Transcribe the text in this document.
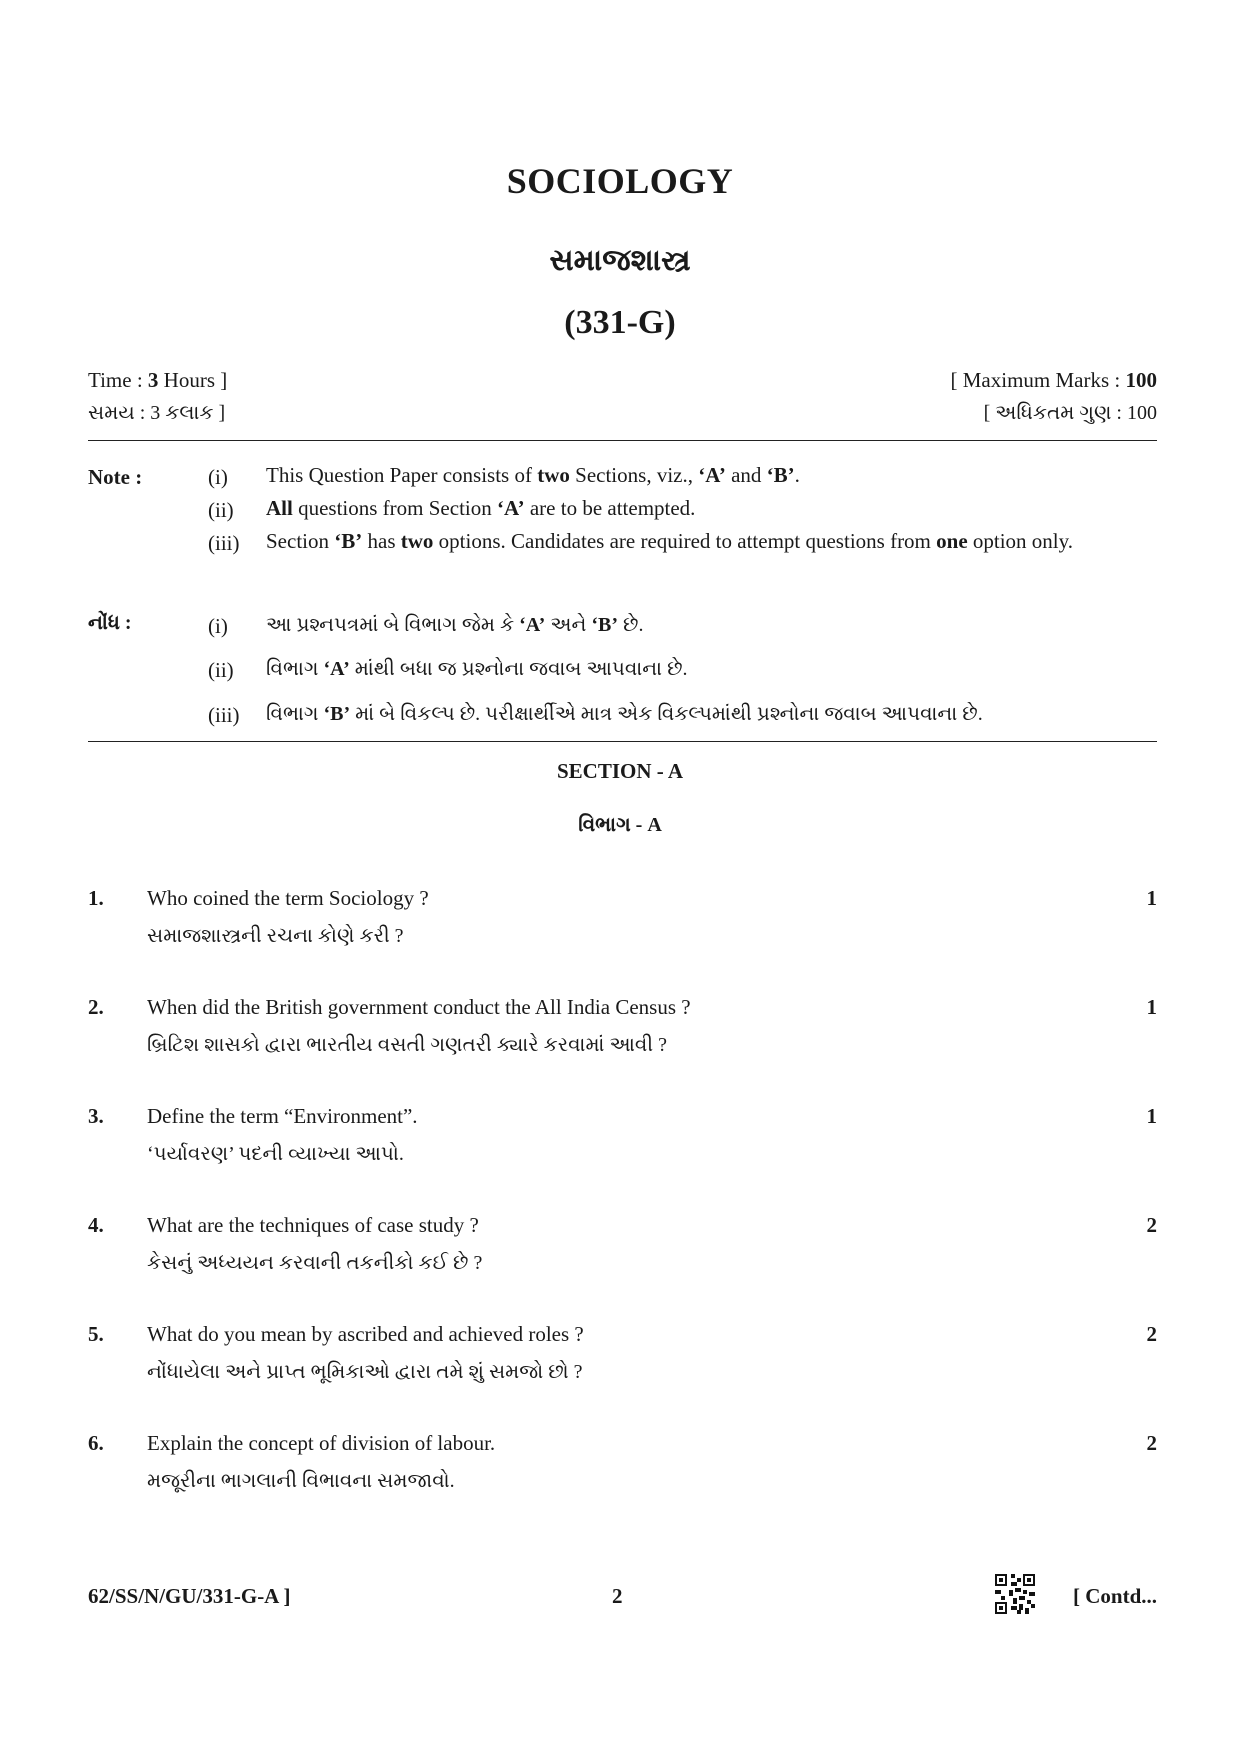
SOCIOLOGY
સમાજશાસ્ત્ર
(331-G)
Time : 3 Hours ]	[ Maximum Marks : 100
સમય : 3 કલાક ]	[ અધિકતમ ગુણ : 100
Note :	(i) This Question Paper consists of two Sections, viz., ‘A’ and ‘B’.
(ii) All questions from Section ‘A’ are to be attempted.
(iii) Section ‘B’ has two options. Candidates are required to attempt questions from one option only.
નોંધ :	(i) આ પ્રશ્નપત્રમાં બે વિભાગ જેમ કે ‘A’ અને ‘B’ છે.
(ii) વિભાગ ‘A’ માંથી બધા જ પ્રશ્નોના જવાબ આપવાના છે.
(iii) વિભાગ ‘B’ માં બે વિકલ્પ છે. પરીક્ષાર્થીએ માત્ર એક વિકલ્પમાંથી પ્રશ્નોના જવાબ આપવાના છે.
SECTION - A
વિભાગ - A
1. Who coined the term Sociology ?	1
સમાજશાસ્ત્રની રચના કોણે કરી ?
2. When did the British government conduct the All India Census ?	1
બ્રિટિશ શાસકો દ્વારા ભારતીય વસતી ગણતરી ક્યારે કરવામાં આવી ?
3. Define the term “Environment”.	1
‘પર્યાવરણ’ પદની વ્યાખ્યા આપો.
4. What are the techniques of case study ?	2
કેસનું અધ્યયન કરવાની તકનીકો કઈ છે ?
5. What do you mean by ascribed and achieved roles ?	2
નોંધાયેલા અને પ્રાપ્ત ભૂમિકાઓ દ્વારા તમે શું સમજો છો ?
6. Explain the concept of division of labour.	2
મજૂરીના ભાગલાની વિભાવના સમજાવો.
62/SS/N/GU/331-G-A ]	2	[ Contd...
